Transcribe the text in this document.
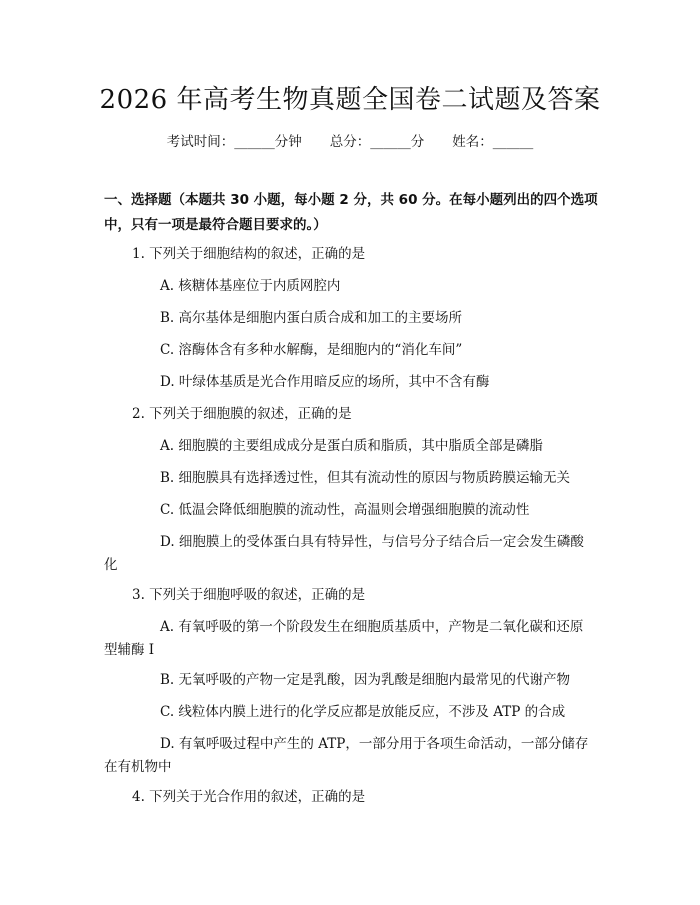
2026 年高考生物真题全国卷二试题及答案
考试时间：______分钟 总分：______分 姓名：______
一、选择题（本题共 30 小题，每小题 2 分，共 60 分。在每小题列出的四个选项中，只有一项是最符合题目要求的。）
1. 下列关于细胞结构的叙述，正确的是
A. 核糖体基座位于内质网腔内
B. 高尔基体是细胞内蛋白质合成和加工的主要场所
C. 溶酶体含有多种水解酶，是细胞内的“消化车间”
D. 叶绿体基质是光合作用暗反应的场所，其中不含有酶
2. 下列关于细胞膜的叙述，正确的是
A. 细胞膜的主要组成成分是蛋白质和脂质，其中脂质全部是磷脂
B. 细胞膜具有选择透过性，但其有流动性的原因与物质跨膜运输无关
C. 低温会降低细胞膜的流动性，高温则会增强细胞膜的流动性
D. 细胞膜上的受体蛋白具有特异性，与信号分子结合后一定会发生磷酸
化
3. 下列关于细胞呼吸的叙述，正确的是
A. 有氧呼吸的第一个阶段发生在细胞质基质中，产物是二氧化碳和还原
型辅酶 I
B. 无氧呼吸的产物一定是乳酸，因为乳酸是细胞内最常见的代谢产物
C. 线粒体内膜上进行的化学反应都是放能反应，不涉及 ATP 的合成
D. 有氧呼吸过程中产生的 ATP，一部分用于各项生命活动，一部分储存
在有机物中
4. 下列关于光合作用的叙述，正确的是
